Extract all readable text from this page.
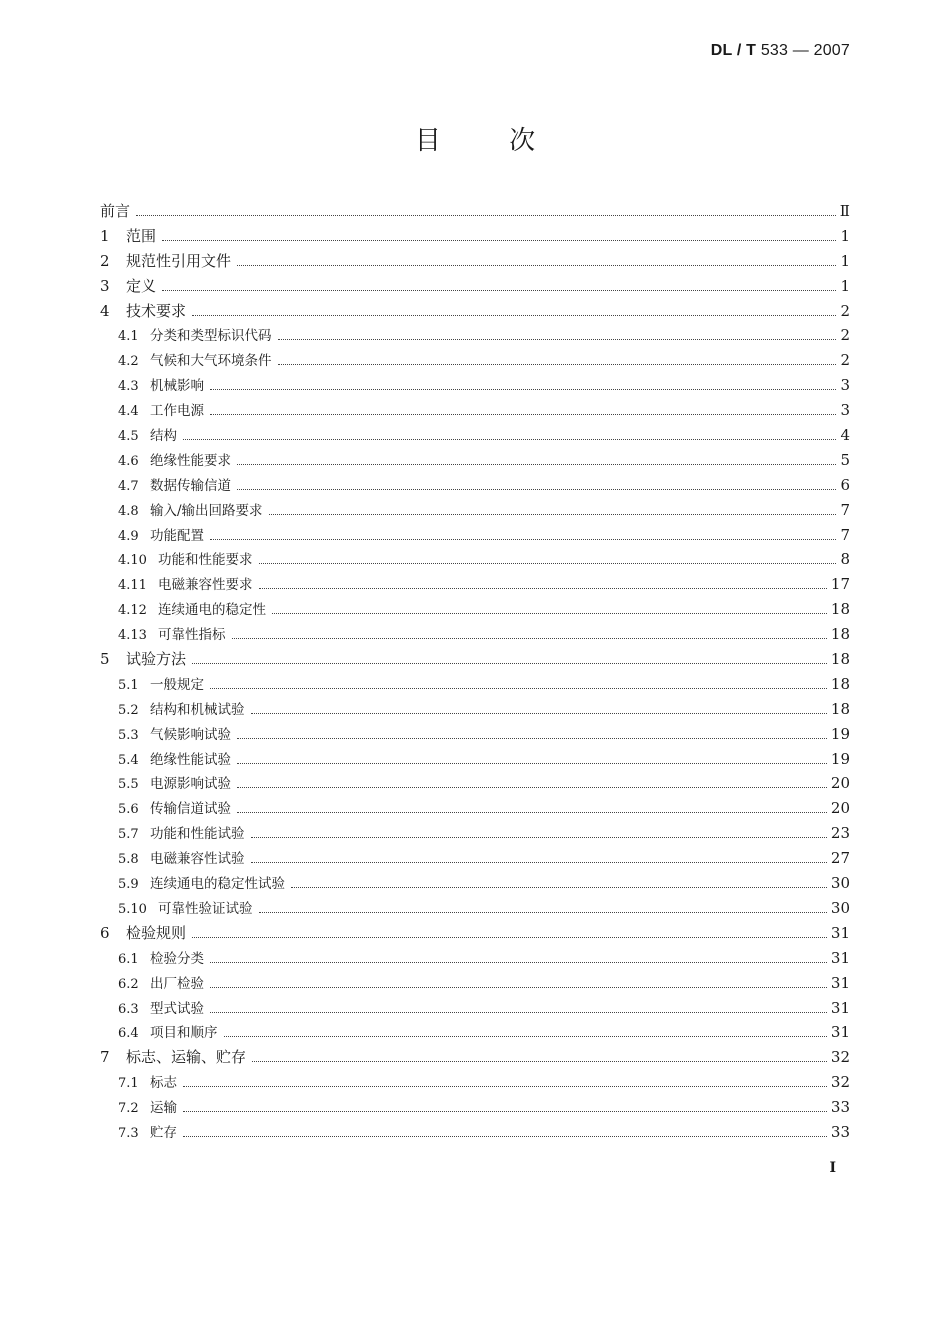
DL / T 533 — 2007
目	次
前言	Ⅱ
1 范围	1
2 规范性引用文件	1
3 定义	1
4 技术要求	2
4.1 分类和类型标识代码	2
4.2 气候和大气环境条件	2
4.3 机械影响	3
4.4 工作电源	3
4.5 结构	4
4.6 绝缘性能要求	5
4.7 数据传输信道	6
4.8 输入/输出回路要求	7
4.9 功能配置	7
4.10 功能和性能要求	8
4.11 电磁兼容性要求	17
4.12 连续通电的稳定性	18
4.13 可靠性指标	18
5 试验方法	18
5.1 一般规定	18
5.2 结构和机械试验	18
5.3 气候影响试验	19
5.4 绝缘性能试验	19
5.5 电源影响试验	20
5.6 传输信道试验	20
5.7 功能和性能试验	23
5.8 电磁兼容性试验	27
5.9 连续通电的稳定性试验	30
5.10 可靠性验证试验	30
6 检验规则	31
6.1 检验分类	31
6.2 出厂检验	31
6.3 型式试验	31
6.4 项目和顺序	31
7 标志、运输、贮存	32
7.1 标志	32
7.2 运输	33
7.3 贮存	33
I
